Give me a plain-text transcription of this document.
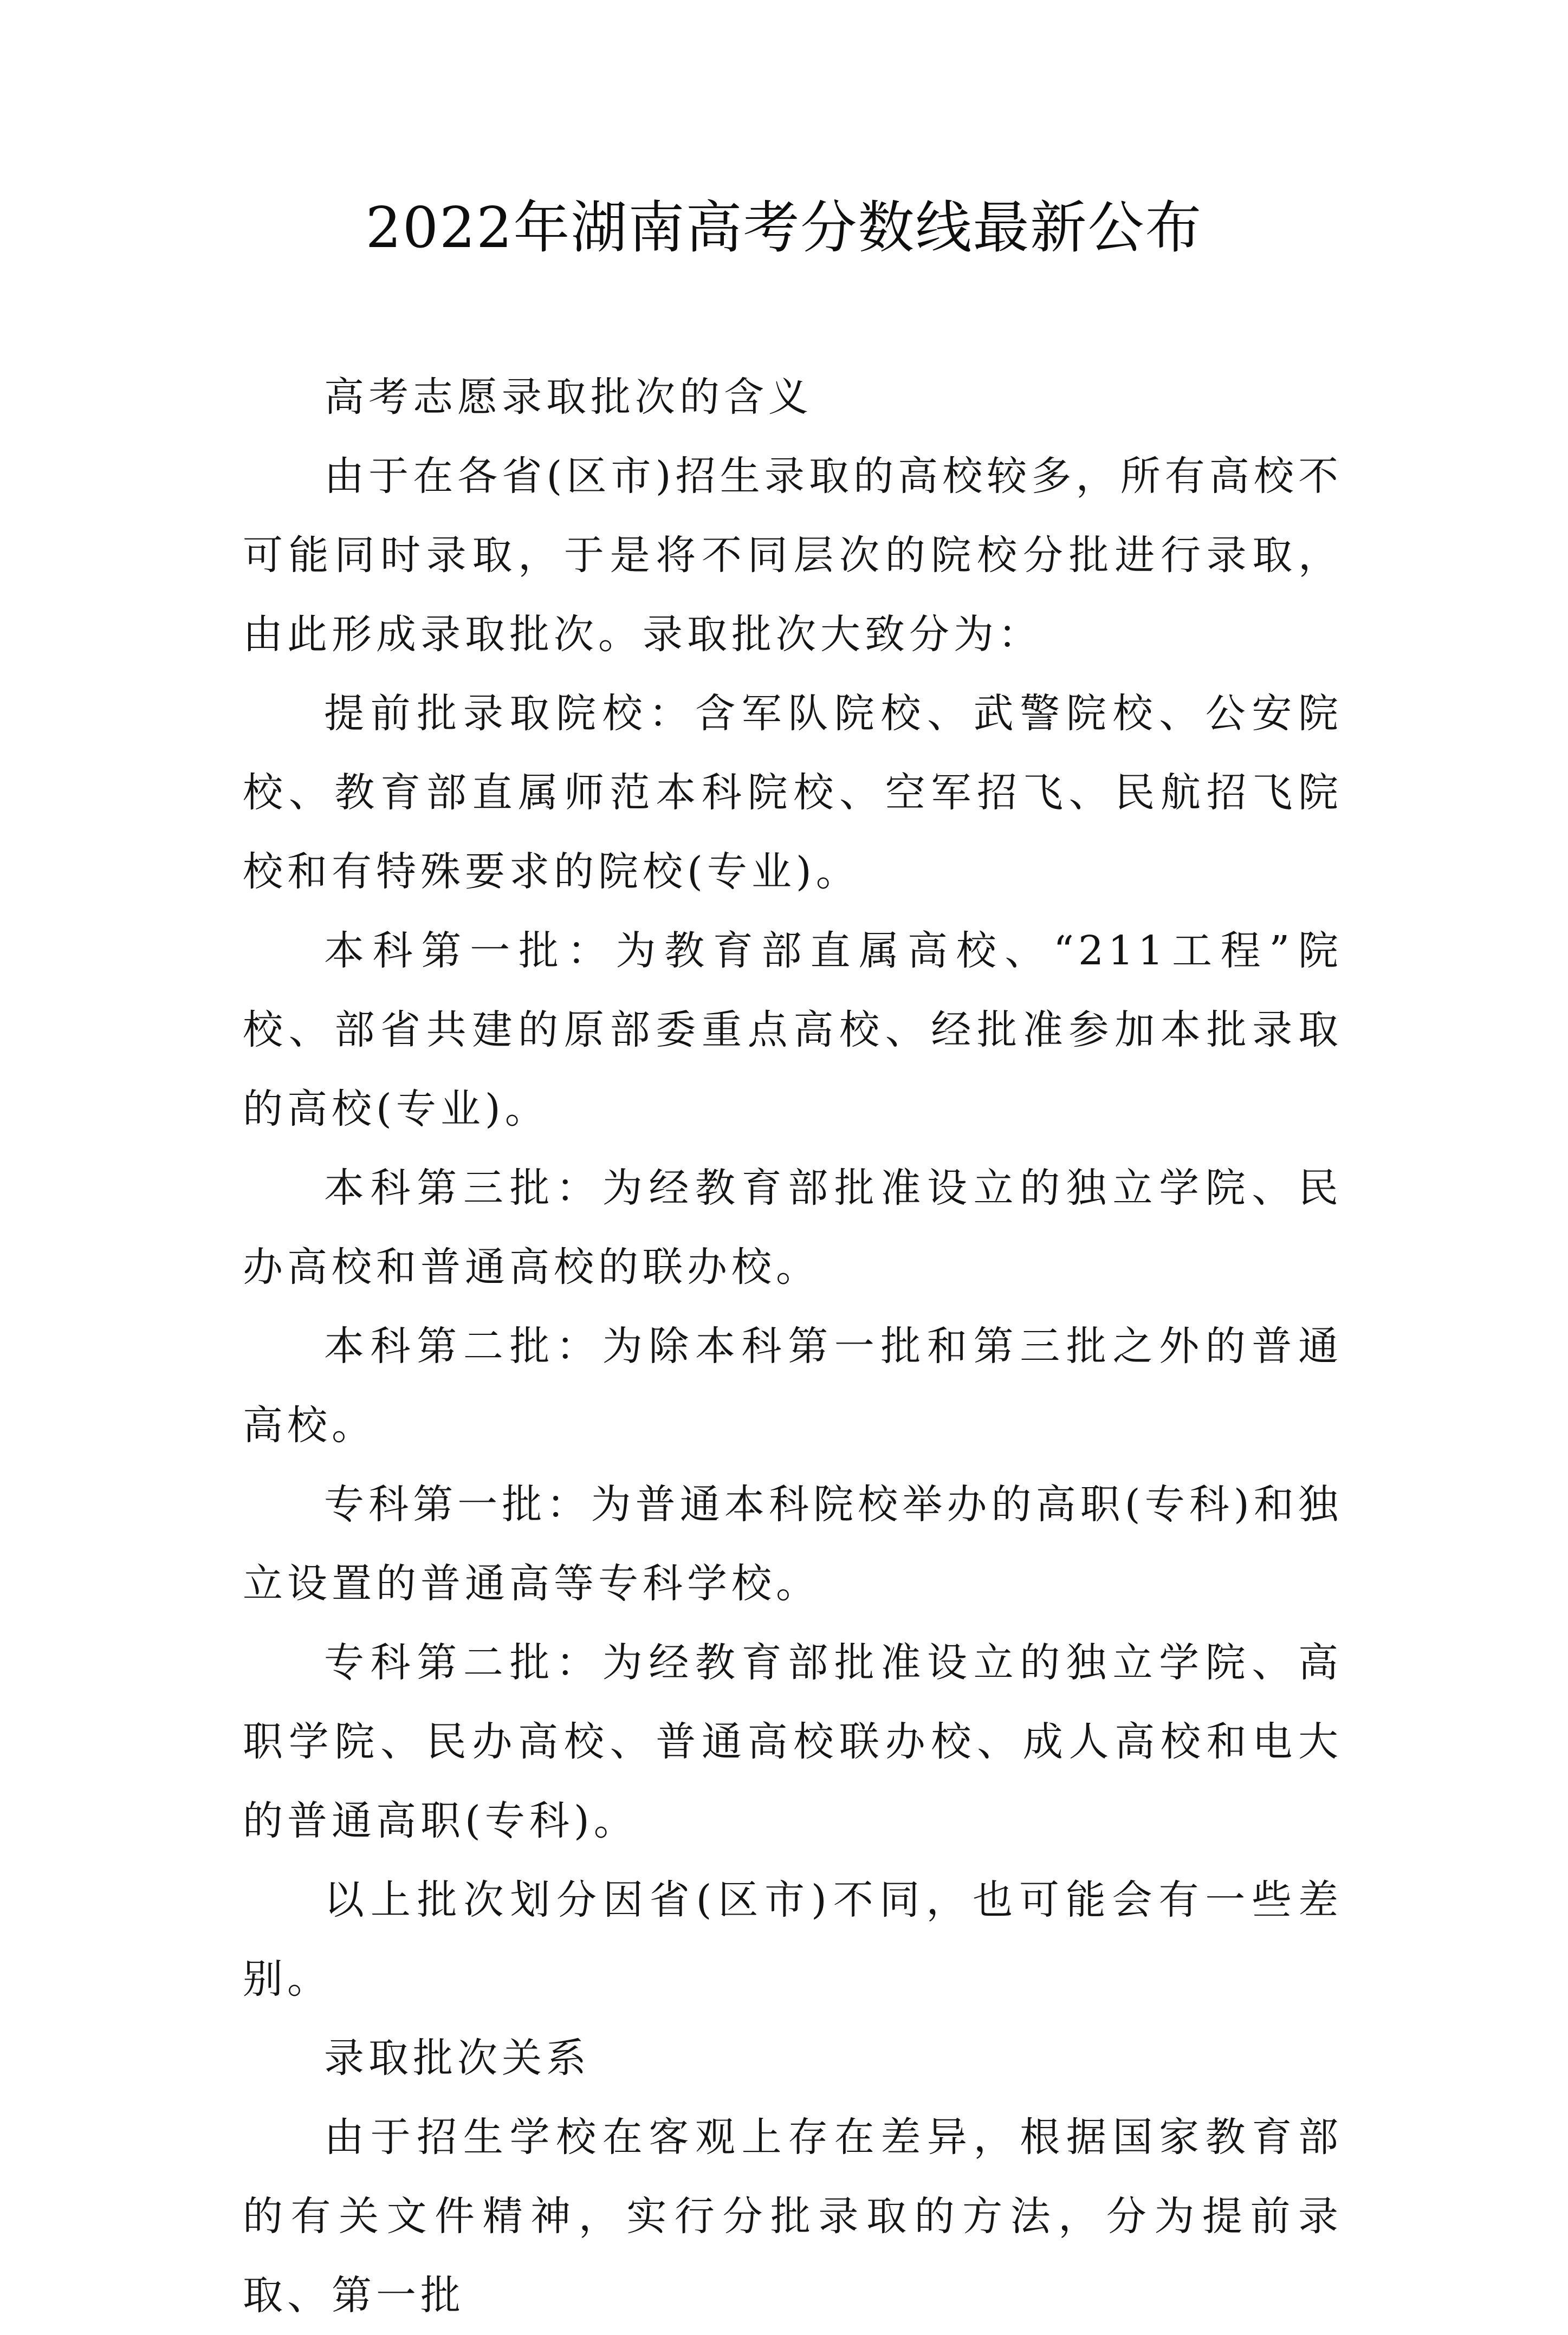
2022年湖南高考分数线最新公布

高考志愿录取批次的含义

由于在各省(区市)招生录取的高校较多，所有高校不可能同时录取，于是将不同层次的院校分批进行录取，由此形成录取批次。录取批次大致分为：

提前批录取院校：含军队院校、武警院校、公安院校、教育部直属师范本科院校、空军招飞、民航招飞院校和有特殊要求的院校(专业)。

本科第一批：为教育部直属高校、“211工程”院校、部省共建的原部委重点高校、经批准参加本批录取的高校(专业)。

本科第三批：为经教育部批准设立的独立学院、民办高校和普通高校的联办校。

本科第二批：为除本科第一批和第三批之外的普通高校。

专科第一批：为普通本科院校举办的高职(专科)和独立设置的普通高等专科学校。

专科第二批：为经教育部批准设立的独立学院、高职学院、民办高校、普通高校联办校、成人高校和电大的普通高职(专科)。

以上批次划分因省(区市)不同，也可能会有一些差别。

录取批次关系

由于招生学校在客观上存在差异，根据国家教育部的有关文件精神，实行分批录取的方法，分为提前录取、第一批
